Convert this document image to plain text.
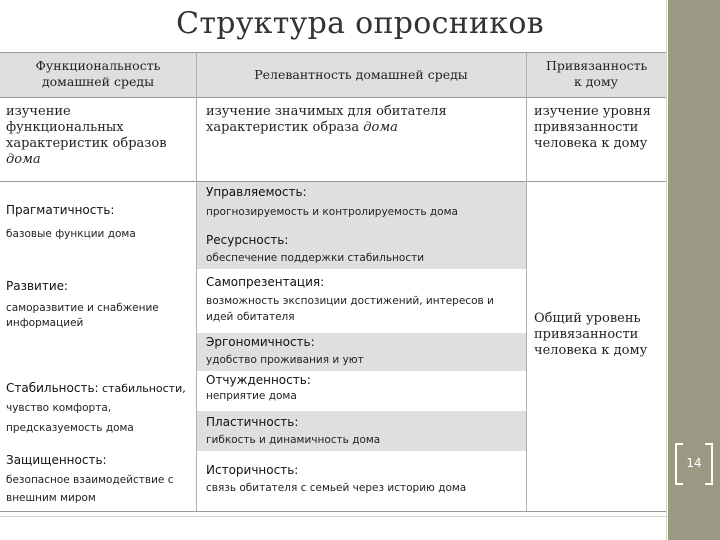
Структура опросников
Функциональность домашней среды	Релевантность домашней среды
Привязанность к дому
изучение функциональных характеристик образов дома
изучение значимых для обитателя характеристик образа дома
изучение уровня привязанности человека к дому
Прагматичность:
базовые функции дома
Развитие:
саморазвитие и снабжение информацией
Стабильность: стабильности,
чувство комфорта, предсказуемость дома
Защищенность:
безопасное взаимодействие с внешним миром
Управляемость:
прогнозируемость и контролируемость дома
Ресурсность:
обеспечение поддержки стабильности
Самопрезентация:
возможность экспозиции достижений, интересов и идей обитателя
Эргономичность:
удобство проживания и уют
Отчужденность:
неприятие дома
Пластичность:
гибкость и динамичность дома
Историчность:
связь обитателя с семьей через историю дома
Общий уровень привязанности человека к дому
14
